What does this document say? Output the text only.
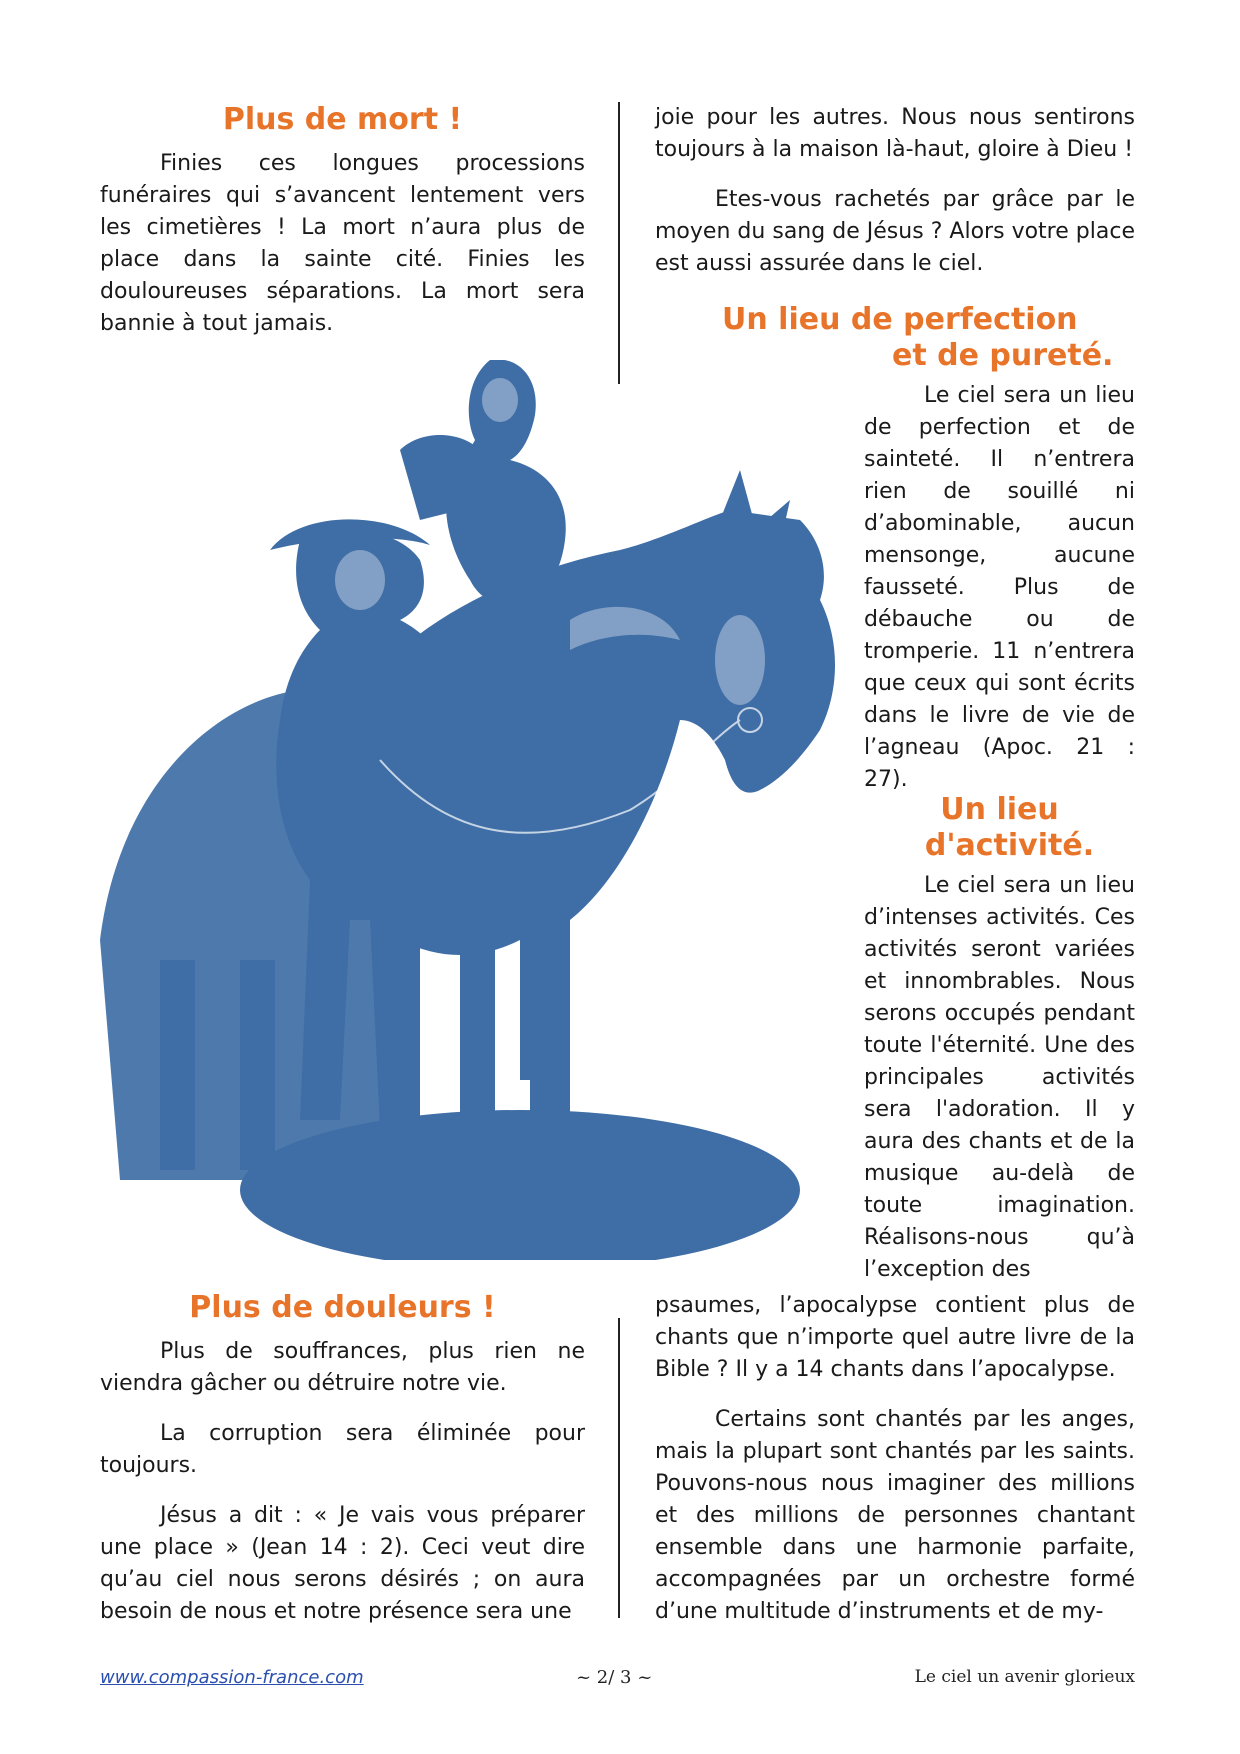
Plus de mort !

Finies ces longues processions funéraires qui s’avancent lentement vers les cimetières ! La mort n’aura plus de place dans la sainte cité. Finies les douloureuses séparations. La mort sera bannie à tout jamais.

joie pour les autres. Nous nous sentirons toujours à la maison là-haut, gloire à Dieu !

Etes-vous rachetés par grâce par le moyen du sang de Jésus ? Alors votre place est aussi assurée dans le ciel.

Un lieu de perfection
et de pureté.

Le ciel sera un lieu de perfection et de sainteté. Il n’entrera rien de souillé ni d’abominable, aucun mensonge, aucune fausseté. Plus de débauche ou de tromperie. 11 n’entrera que ceux qui sont écrits dans le livre de vie de l’agneau (Apoc. 21 : 27).

Un lieu
d'activité.

Le ciel sera un lieu d’intenses activités. Ces activités seront variées et innombrables. Nous serons occupés pendant toute l'éternité. Une des principales activités sera l'adoration. Il y aura des chants et de la musique au-delà de toute imagination. Réalisons-nous qu’à l’exception des

psaumes, l’apocalypse contient plus de chants que n’importe quel autre livre de la Bible ? Il y a 14 chants dans l’apocalypse.

Certains sont chantés par les anges, mais la plupart sont chantés par les saints. Pouvons-nous nous imaginer des millions et des millions de personnes chantant ensemble dans une harmonie parfaite, accompagnées par un orchestre formé d’une multitude d’instruments et de my-

Plus de douleurs !

Plus de souffrances, plus rien ne viendra gâcher ou détruire notre vie.

La corruption sera éliminée pour toujours.

Jésus a dit : « Je vais vous préparer une place » (Jean 14 : 2). Ceci veut dire qu’au ciel nous serons désirés ; on aura besoin de nous et notre présence sera une

www.compassion-france.com	~ 2/ 3 ~	Le ciel un avenir glorieux
